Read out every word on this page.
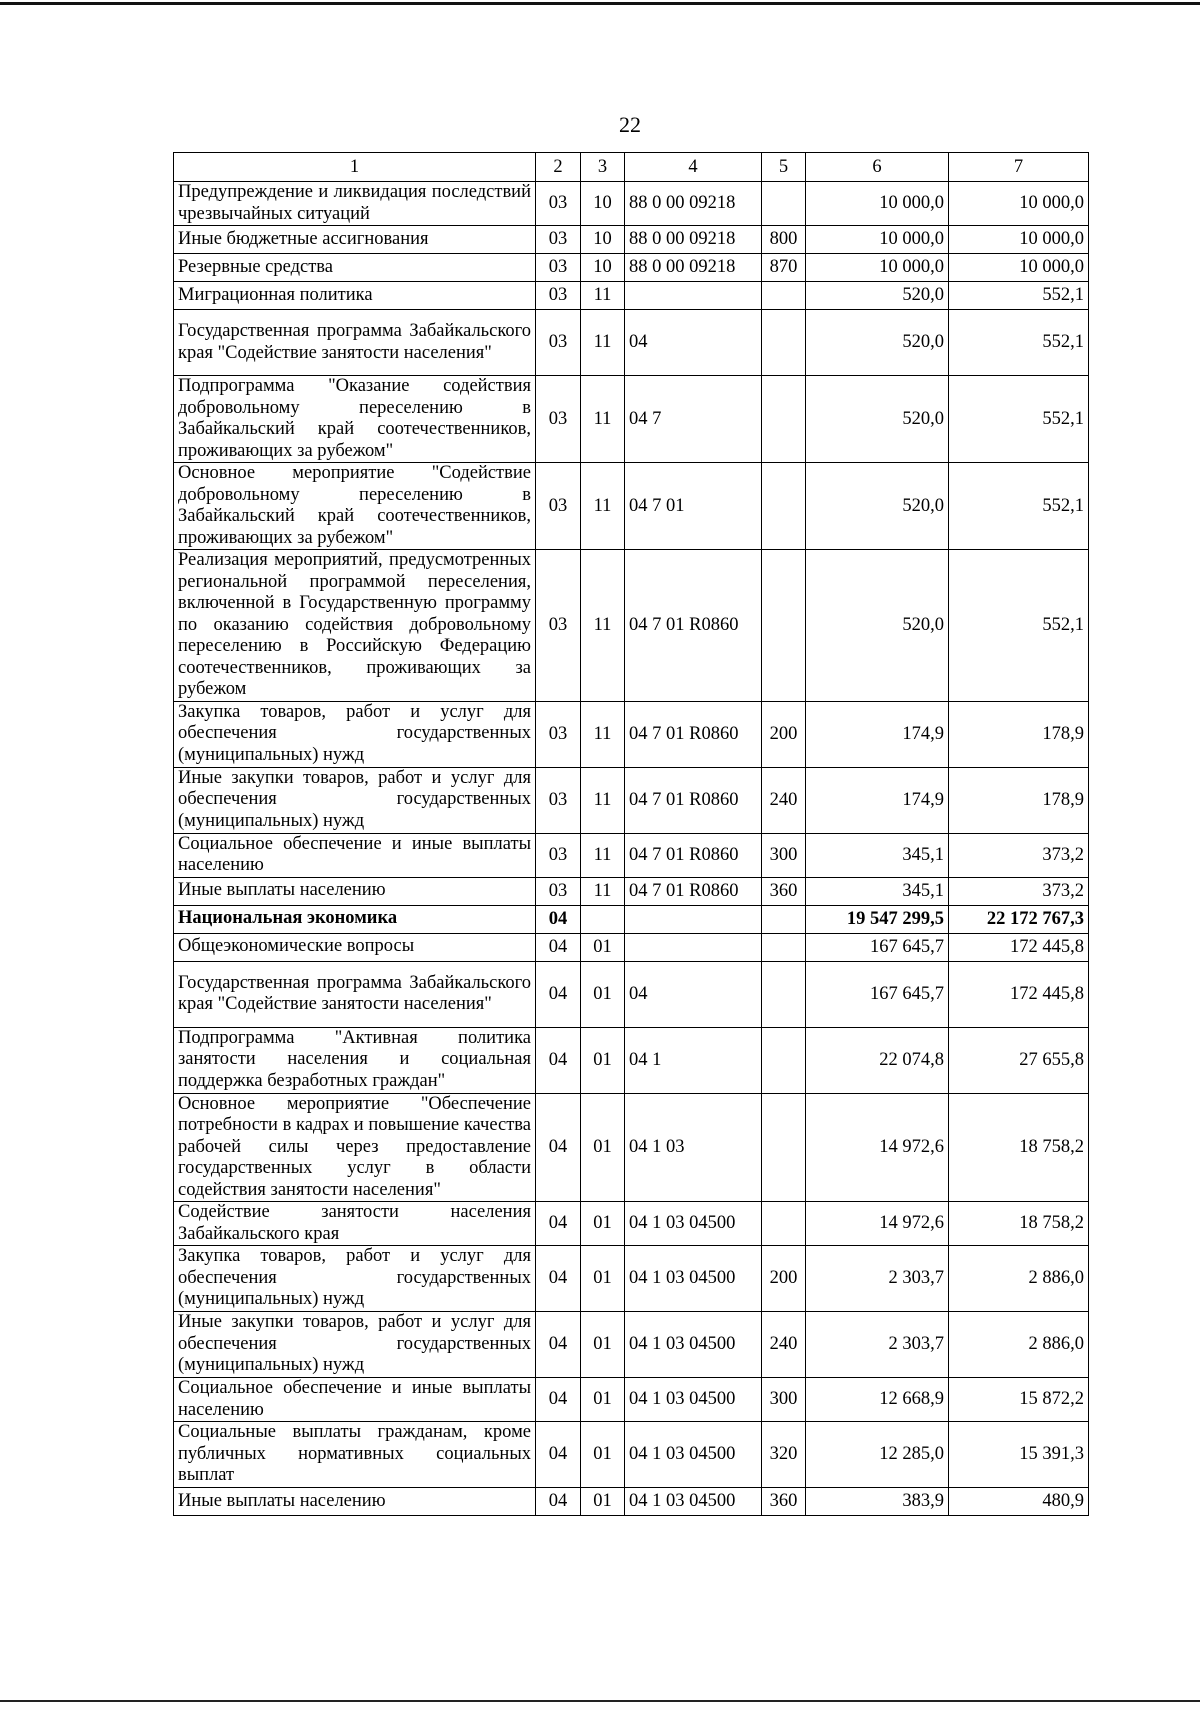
22
1	2	3	4	5	6	7
Предупреждение и ликвидация последствий чрезвычайных ситуаций	03	10	88 0 00 09218		10 000,0	10 000,0
Иные бюджетные ассигнования	03	10	88 0 00 09218	800	10 000,0	10 000,0
Резервные средства	03	10	88 0 00 09218	870	10 000,0	10 000,0
Миграционная политика	03	11			520,0	552,1
Государственная программа Забайкальского края "Содействие занятости населения"	03	11	04		520,0	552,1
Подпрограмма "Оказание содействия добровольному переселению в Забайкальский край соотечественников, проживающих за рубежом"	03	11	04 7		520,0	552,1
Основное мероприятие "Содействие добровольному переселению в Забайкальский край соотечественников, проживающих за рубежом"	03	11	04 7 01		520,0	552,1
Реализация мероприятий, предусмотренных региональной программой переселения, включенной в Государственную программу по оказанию содействия добровольному переселению в Российскую Федерацию соотечественников, проживающих за рубежом	03	11	04 7 01 R0860		520,0	552,1
Закупка товаров, работ и услуг для обеспечения государственных (муниципальных) нужд	03	11	04 7 01 R0860	200	174,9	178,9
Иные закупки товаров, работ и услуг для обеспечения государственных (муниципальных) нужд	03	11	04 7 01 R0860	240	174,9	178,9
Социальное обеспечение и иные выплаты населению	03	11	04 7 01 R0860	300	345,1	373,2
Иные выплаты населению	03	11	04 7 01 R0860	360	345,1	373,2
Национальная экономика	04				19 547 299,5	22 172 767,3
Общеэкономические вопросы	04	01			167 645,7	172 445,8
Государственная программа Забайкальского края "Содействие занятости населения"	04	01	04		167 645,7	172 445,8
Подпрограмма "Активная политика занятости населения и социальная поддержка безработных граждан"	04	01	04 1		22 074,8	27 655,8
Основное мероприятие "Обеспечение потребности в кадрах и повышение качества рабочей силы через предоставление государственных услуг в области содействия занятости населения"	04	01	04 1 03		14 972,6	18 758,2
Содействие занятости населения Забайкальского края	04	01	04 1 03 04500		14 972,6	18 758,2
Закупка товаров, работ и услуг для обеспечения государственных (муниципальных) нужд	04	01	04 1 03 04500	200	2 303,7	2 886,0
Иные закупки товаров, работ и услуг для обеспечения государственных (муниципальных) нужд	04	01	04 1 03 04500	240	2 303,7	2 886,0
Социальное обеспечение и иные выплаты населению	04	01	04 1 03 04500	300	12 668,9	15 872,2
Социальные выплаты гражданам, кроме публичных нормативных социальных выплат	04	01	04 1 03 04500	320	12 285,0	15 391,3
Иные выплаты населению	04	01	04 1 03 04500	360	383,9	480,9
